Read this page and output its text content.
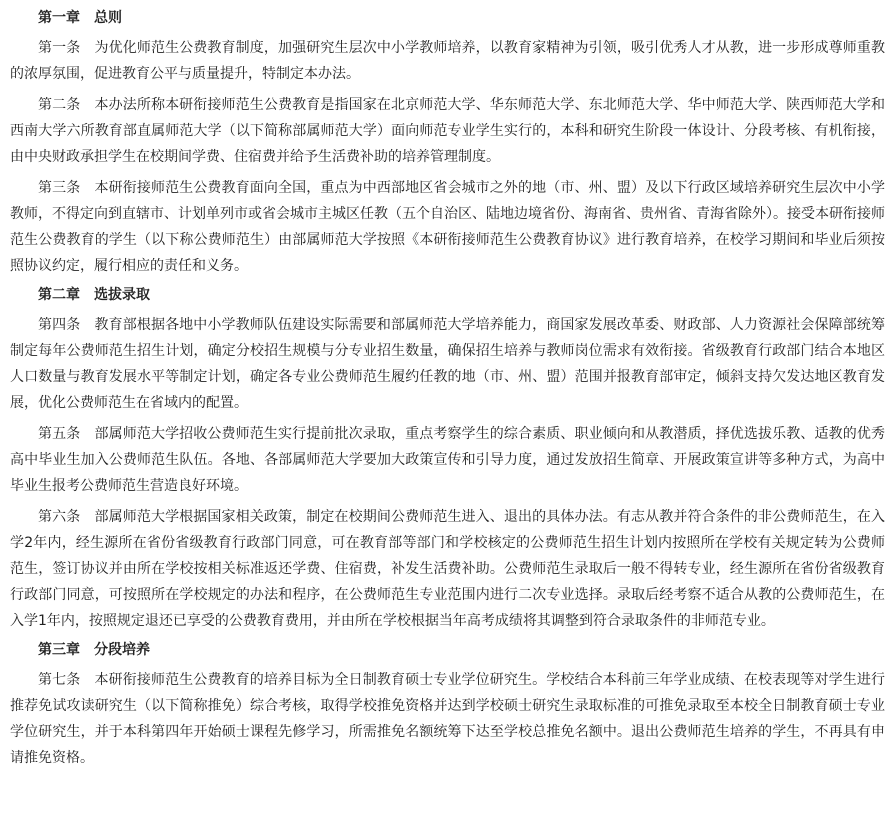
第一章　总则

第一条　为优化师范生公费教育制度，加强研究生层次中小学教师培养，以教育家精神为引领，吸引优秀人才从教，进一步形成尊师重教的浓厚氛围，促进教育公平与质量提升，特制定本办法。

第二条　本办法所称本研衔接师范生公费教育是指国家在北京师范大学、华东师范大学、东北师范大学、华中师范大学、陕西师范大学和西南大学六所教育部直属师范大学（以下简称部属师范大学）面向师范专业学生实行的，本科和研究生阶段一体设计、分段考核、有机衔接，由中央财政承担学生在校期间学费、住宿费并给予生活费补助的培养管理制度。

第三条　本研衔接师范生公费教育面向全国，重点为中西部地区省会城市之外的地（市、州、盟）及以下行政区域培养研究生层次中小学教师，不得定向到直辖市、计划单列市或省会城市主城区任教（五个自治区、陆地边境省份、海南省、贵州省、青海省除外）。接受本研衔接师范生公费教育的学生（以下称公费师范生）由部属师范大学按照《本研衔接师范生公费教育协议》进行教育培养，在校学习期间和毕业后须按照协议约定，履行相应的责任和义务。

第二章　选拔录取

第四条　教育部根据各地中小学教师队伍建设实际需要和部属师范大学培养能力，商国家发展改革委、财政部、人力资源社会保障部统筹制定每年公费师范生招生计划，确定分校招生规模与分专业招生数量，确保招生培养与教师岗位需求有效衔接。省级教育行政部门结合本地区人口数量与教育发展水平等制定计划，确定各专业公费师范生履约任教的地（市、州、盟）范围并报教育部审定，倾斜支持欠发达地区教育发展，优化公费师范生在省域内的配置。

第五条　部属师范大学招收公费师范生实行提前批次录取，重点考察学生的综合素质、职业倾向和从教潜质，择优选拔乐教、适教的优秀高中毕业生加入公费师范生队伍。各地、各部属师范大学要加大政策宣传和引导力度，通过发放招生简章、开展政策宣讲等多种方式，为高中毕业生报考公费师范生营造良好环境。

第六条　部属师范大学根据国家相关政策，制定在校期间公费师范生进入、退出的具体办法。有志从教并符合条件的非公费师范生，在入学2年内，经生源所在省份省级教育行政部门同意，可在教育部等部门和学校核定的公费师范生招生计划内按照所在学校有关规定转为公费师范生，签订协议并由所在学校按相关标准返还学费、住宿费，补发生活费补助。公费师范生录取后一般不得转专业，经生源所在省份省级教育行政部门同意，可按照所在学校规定的办法和程序，在公费师范生专业范围内进行二次专业选择。录取后经考察不适合从教的公费师范生，在入学1年内，按照规定退还已享受的公费教育费用，并由所在学校根据当年高考成绩将其调整到符合录取条件的非师范专业。

第三章　分段培养

第七条　本研衔接师范生公费教育的培养目标为全日制教育硕士专业学位研究生。学校结合本科前三年学业成绩、在校表现等对学生进行推荐免试攻读研究生（以下简称推免）综合考核，取得学校推免资格并达到学校硕士研究生录取标准的可推免录取至本校全日制教育硕士专业学位研究生，并于本科第四年开始硕士课程先修学习，所需推免名额统筹下达至学校总推免名额中。退出公费师范生培养的学生，不再具有申请推免资格。
